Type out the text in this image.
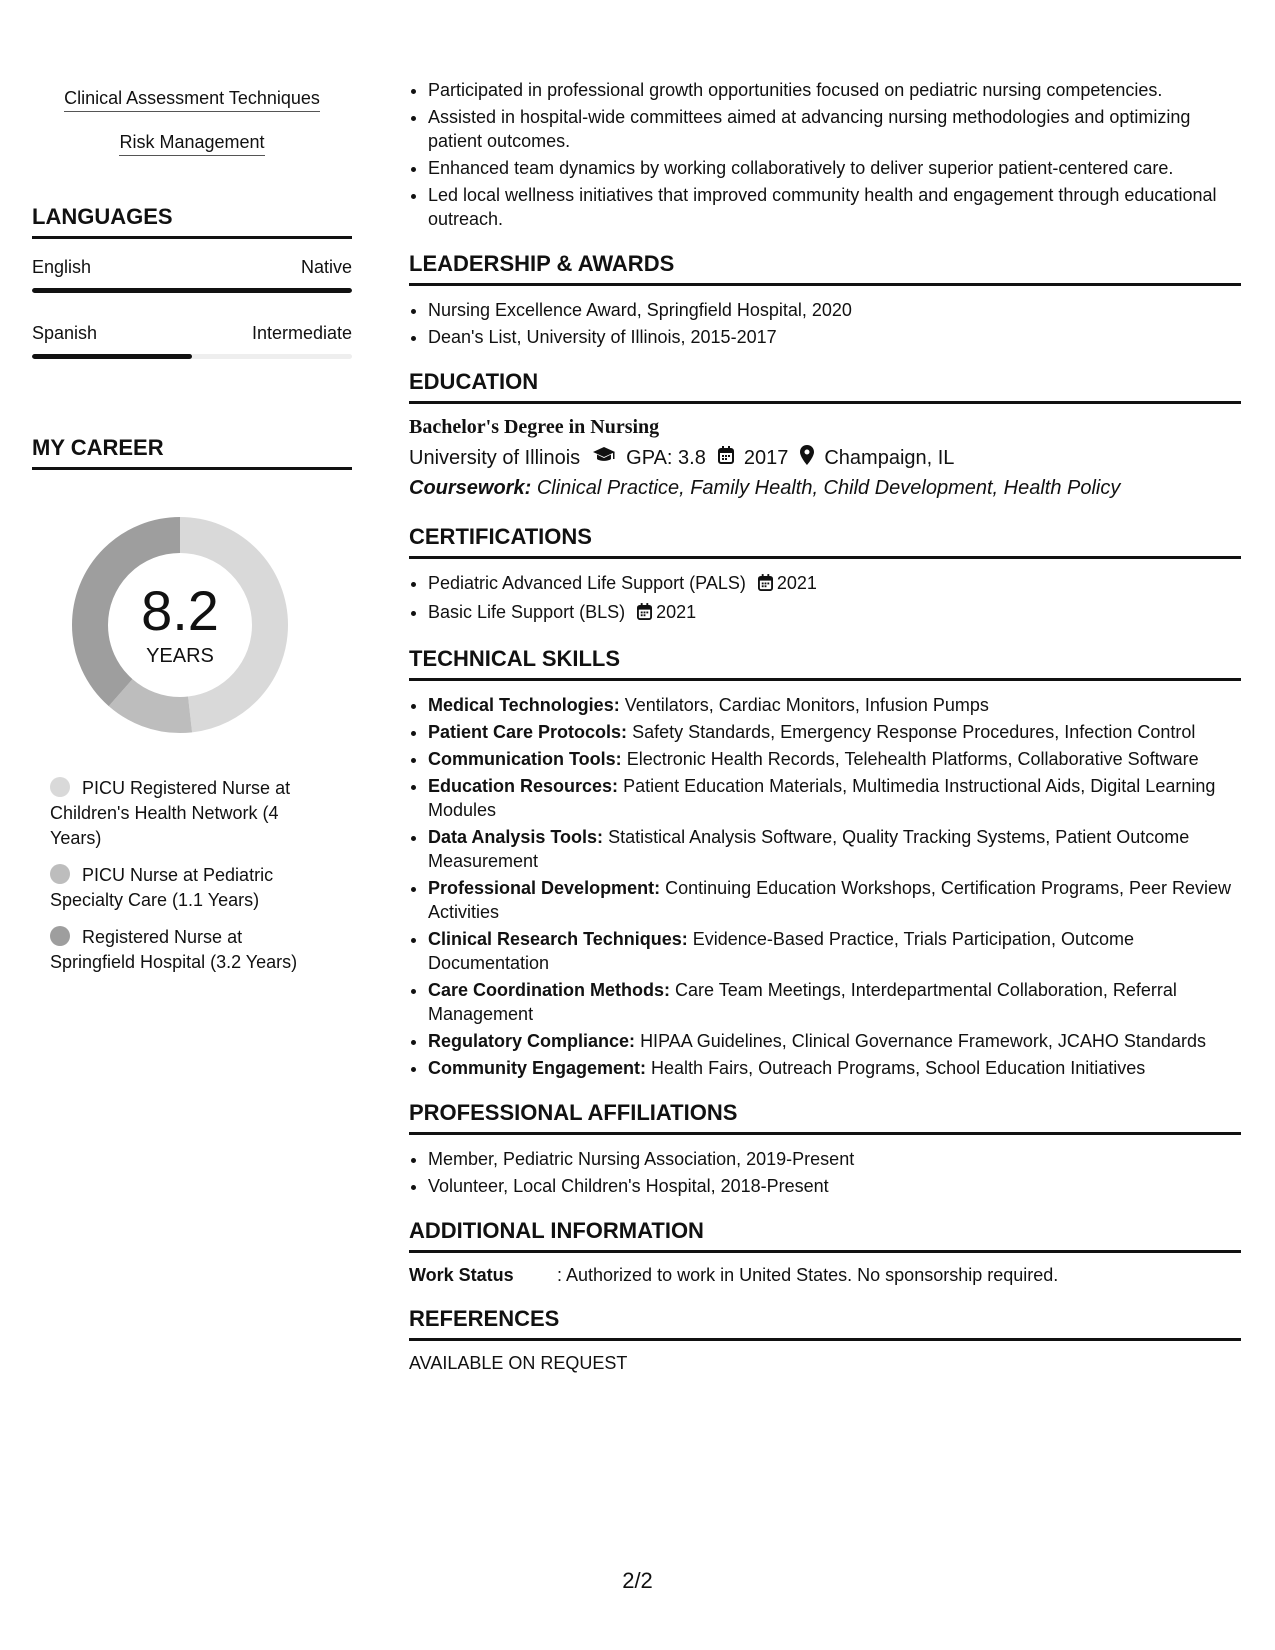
Clinical Assessment Techniques
Risk Management
LANGUAGES
English	Native
Spanish	Intermediate
MY CAREER
8.2
YEARS
PICU Registered Nurse at Children's Health Network (4 Years)
PICU Nurse at Pediatric Specialty Care (1.1 Years)
Registered Nurse at Springfield Hospital (3.2 Years)
• Participated in professional growth opportunities focused on pediatric nursing competencies.
• Assisted in hospital-wide committees aimed at advancing nursing methodologies and optimizing patient outcomes.
• Enhanced team dynamics by working collaboratively to deliver superior patient-centered care.
• Led local wellness initiatives that improved community health and engagement through educational outreach.
LEADERSHIP & AWARDS
• Nursing Excellence Award, Springfield Hospital, 2020
• Dean's List, University of Illinois, 2015-2017
EDUCATION
Bachelor's Degree in Nursing
University of Illinois GPA: 3.8 2017 Champaign, IL
Coursework: Clinical Practice, Family Health, Child Development, Health Policy
CERTIFICATIONS
• Pediatric Advanced Life Support (PALS) 2021
• Basic Life Support (BLS) 2021
TECHNICAL SKILLS
• Medical Technologies: Ventilators, Cardiac Monitors, Infusion Pumps
• Patient Care Protocols: Safety Standards, Emergency Response Procedures, Infection Control
• Communication Tools: Electronic Health Records, Telehealth Platforms, Collaborative Software
• Education Resources: Patient Education Materials, Multimedia Instructional Aids, Digital Learning Modules
• Data Analysis Tools: Statistical Analysis Software, Quality Tracking Systems, Patient Outcome Measurement
• Professional Development: Continuing Education Workshops, Certification Programs, Peer Review Activities
• Clinical Research Techniques: Evidence-Based Practice, Trials Participation, Outcome Documentation
• Care Coordination Methods: Care Team Meetings, Interdepartmental Collaboration, Referral Management
• Regulatory Compliance: HIPAA Guidelines, Clinical Governance Framework, JCAHO Standards
• Community Engagement: Health Fairs, Outreach Programs, School Education Initiatives
PROFESSIONAL AFFILIATIONS
• Member, Pediatric Nursing Association, 2019-Present
• Volunteer, Local Children's Hospital, 2018-Present
ADDITIONAL INFORMATION
Work Status	: Authorized to work in United States. No sponsorship required.
REFERENCES
AVAILABLE ON REQUEST
2/2
